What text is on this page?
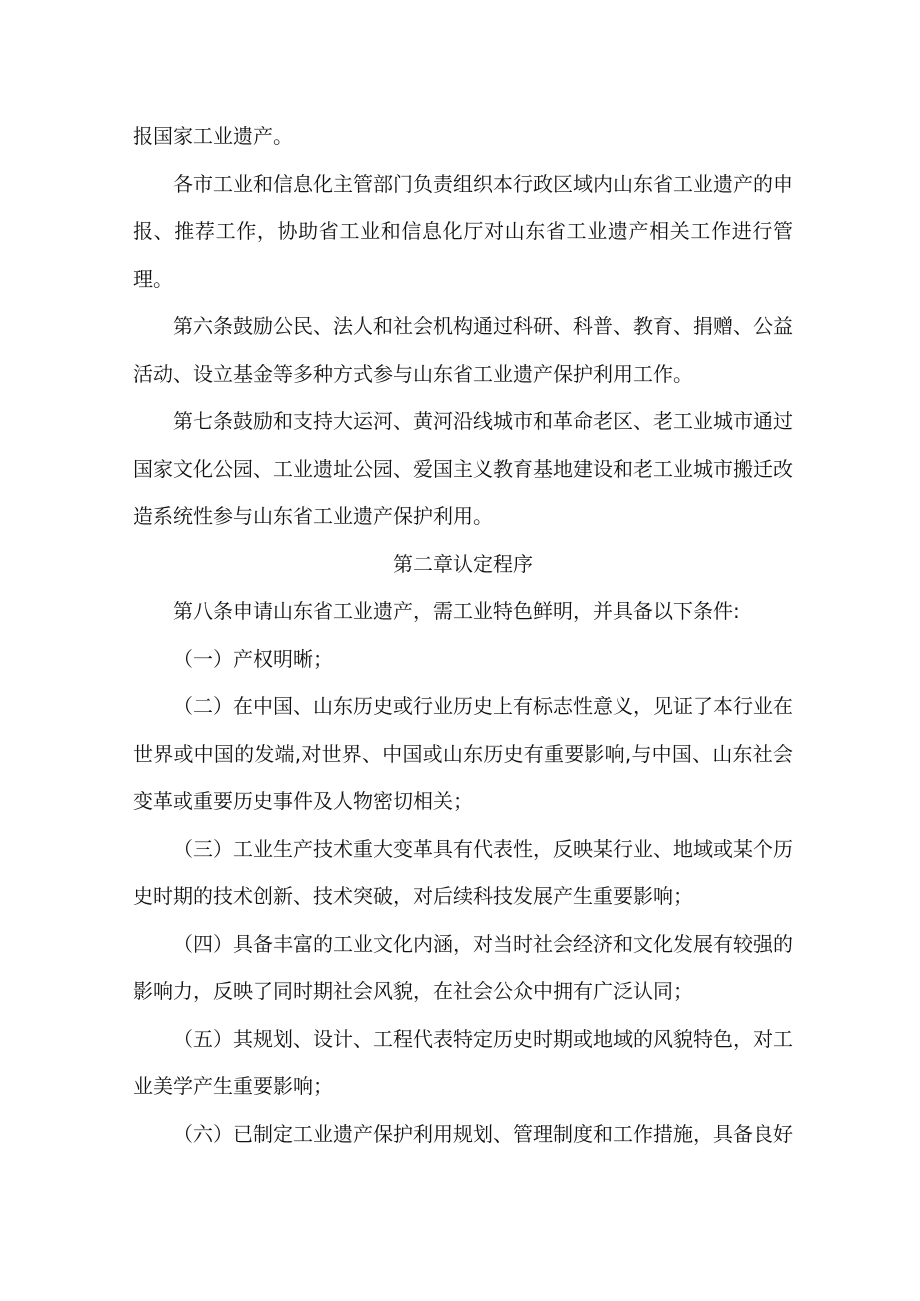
报国家工业遗产。

各市工业和信息化主管部门负责组织本行政区域内山东省工业遗产的申报、推荐工作，协助省工业和信息化厅对山东省工业遗产相关工作进行管理。

第六条鼓励公民、法人和社会机构通过科研、科普、教育、捐赠、公益活动、设立基金等多种方式参与山东省工业遗产保护利用工作。

第七条鼓励和支持大运河、黄河沿线城市和革命老区、老工业城市通过国家文化公园、工业遗址公园、爱国主义教育基地建设和老工业城市搬迁改造系统性参与山东省工业遗产保护利用。

第二章认定程序

第八条申请山东省工业遗产，需工业特色鲜明，并具备以下条件:

（一）产权明晰；

（二）在中国、山东历史或行业历史上有标志性意义，见证了本行业在世界或中国的发端,对世界、中国或山东历史有重要影响,与中国、山东社会变革或重要历史事件及人物密切相关；

（三）工业生产技术重大变革具有代表性，反映某行业、地域或某个历史时期的技术创新、技术突破，对后续科技发展产生重要影响；

（四）具备丰富的工业文化内涵，对当时社会经济和文化发展有较强的影响力，反映了同时期社会风貌，在社会公众中拥有广泛认同；

（五）其规划、设计、工程代表特定历史时期或地域的风貌特色，对工业美学产生重要影响；

（六）已制定工业遗产保护利用规划、管理制度和工作措施，具备良好
